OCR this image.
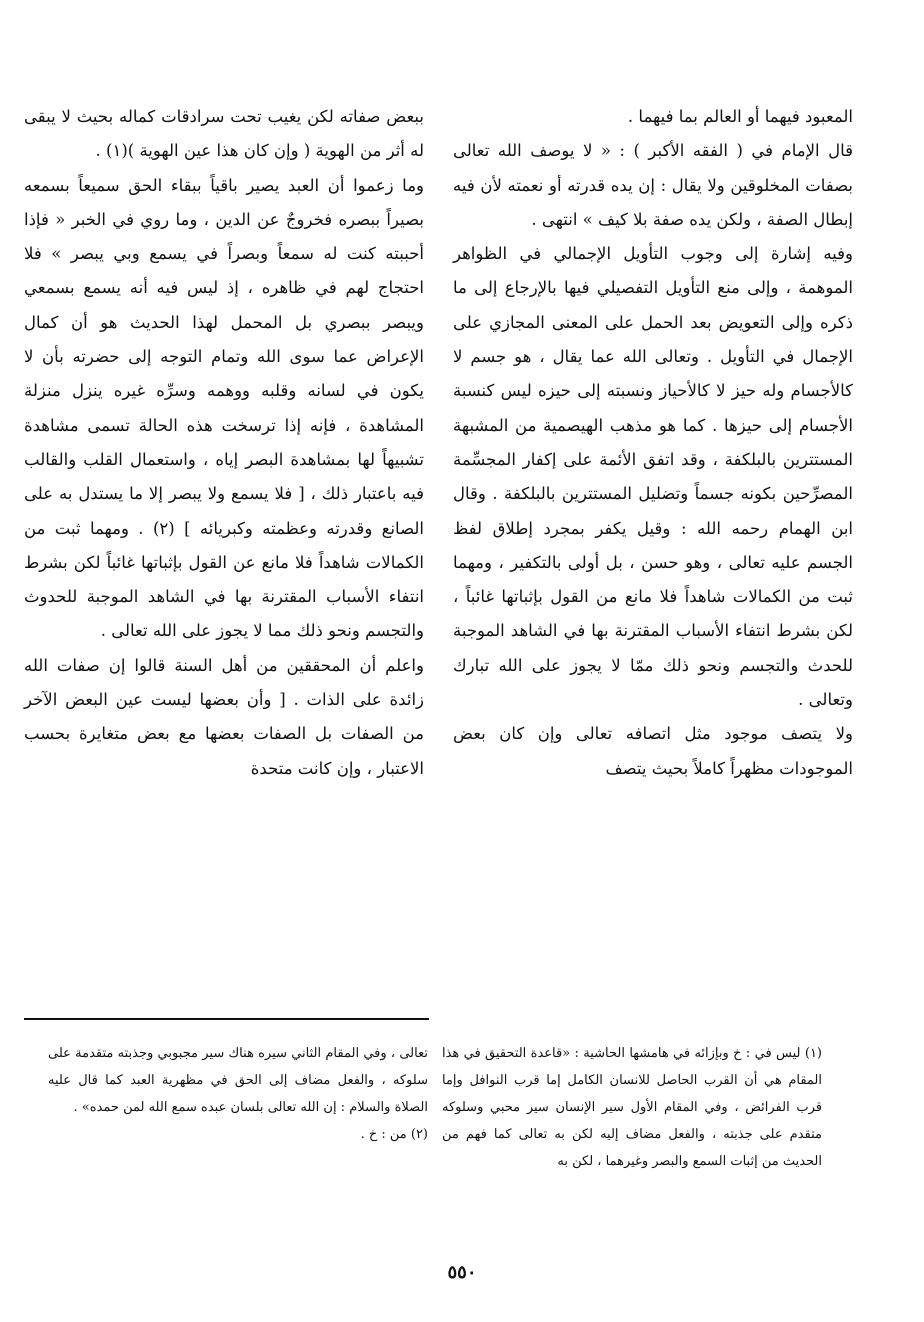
المعبود فيهما أو العالم بما فيهما .

قال الإمام في ( الفقه الأكبر ) : « لا يوصف الله تعالى بصفات المخلوقين ولا يقال : إن يده قدرته أو نعمته لأن فيه إبطال الصفة ، ولكن يده صفة بلا كيف » انتهى .

وفيه إشارة إلى وجوب التأويل الإجمالي في الظواهر الموهمة ، وإلى منع التأويل التفصيلي فيها بالإرجاع إلى ما ذكره وإلى التعويض بعد الحمل على المعنى المجازي على الإجمال في التأويل . وتعالى الله عما يقال ، هو جسم لا كالأجسام وله حيز لا كالأحياز ونسبته إلى حيزه ليس كنسبة الأجسام إلى حيزها . كما هو مذهب الهيصمية من المشبهة المستترين بالبلكفة ، وقد اتفق الأئمة على إكفار المجسِّمة المصرِّحين بكونه جسماً وتضليل المستترين بالبلكفة . وقال ابن الهمام رحمه الله : وقيل يكفر بمجرد إطلاق لفظ الجسم عليه تعالى ، وهو حسن ، بل أولى بالتكفير ، ومهما ثبت من الكمالات شاهداً فلا مانع من القول بإثباتها غائباً ، لكن بشرط انتفاء الأسباب المقترنة بها في الشاهد الموجبة للحدث والتجسم ونحو ذلك ممّا لا يجوز على الله تبارك وتعالى .

ولا يتصف موجود مثل اتصافه تعالى وإن كان بعض الموجودات مظهراً كاملاً بحيث يتصف

ببعض صفاته لكن يغيب تحت سرادقات كماله بحيث لا يبقى له أثر من الهوية ( وإن كان هذا عين الهوية )(١) .

وما زعموا أن العبد يصير باقياً ببقاء الحق سميعاً بسمعه بصيراً ببصره فخروجٌ عن الدين ، وما روي في الخبر « فإذا أحببته كنت له سمعاً وبصراً في يسمع وبي يبصر » فلا احتجاج لهم في ظاهره ، إذ ليس فيه أنه يسمع بسمعي ويبصر ببصري بل المحمل لهذا الحديث هو أن كمال الإعراض عما سوى الله وتمام التوجه إلى حضرته بأن لا يكون في لسانه وقلبه ووهمه وسرِّه غيره ينزل منزلة المشاهدة ، فإنه إذا ترسخت هذه الحالة تسمى مشاهدة تشبيهاً لها بمشاهدة البصر إياه ، واستعمال القلب والقالب فيه باعتبار ذلك ، [ فلا يسمع ولا يبصر إلا ما يستدل به على الصانع وقدرته وعظمته وكبريائه ] (٢) . ومهما ثبت من الكمالات شاهداً فلا مانع عن القول بإثباتها غائباً لكن بشرط انتفاء الأسباب المقترنة بها في الشاهد الموجبة للحدوث والتجسم ونحو ذلك مما لا يجوز على الله تعالى .

واعلم أن المحققين من أهل السنة قالوا إن صفات الله زائدة على الذات . [ وأن بعضها ليست عين البعض الآخر من الصفات بل الصفات بعضها مع بعض متغايرة بحسب الاعتبار ، وإن كانت متحدة

(١) ليس في : خ وبإزائه في هامشها الحاشية : «قاعدة التحقيق في هذا المقام هي أن القرب الحاصل للانسان الكامل إما قرب النوافل وإما قرب الفرائض ، وفي المقام الأول سير الإنسان سير محبي وسلوكه متقدم على جذبته ، والفعل مضاف إليه لكن به تعالى كما فهم من الحديث من إثبات السمع والبصر وغيرهما ، لكن به

تعالى ، وفي المقام الثاني سيره هناك سير مجبوبي وجذبته متقدمة على سلوكه ، والفعل مضاف إلى الحق في مظهرية العبد كما قال عليه الصلاة والسلام : إن الله تعالى بلسان عبده سمع الله لمن حمده» .

(٢) من : خ .

٥٥٠
